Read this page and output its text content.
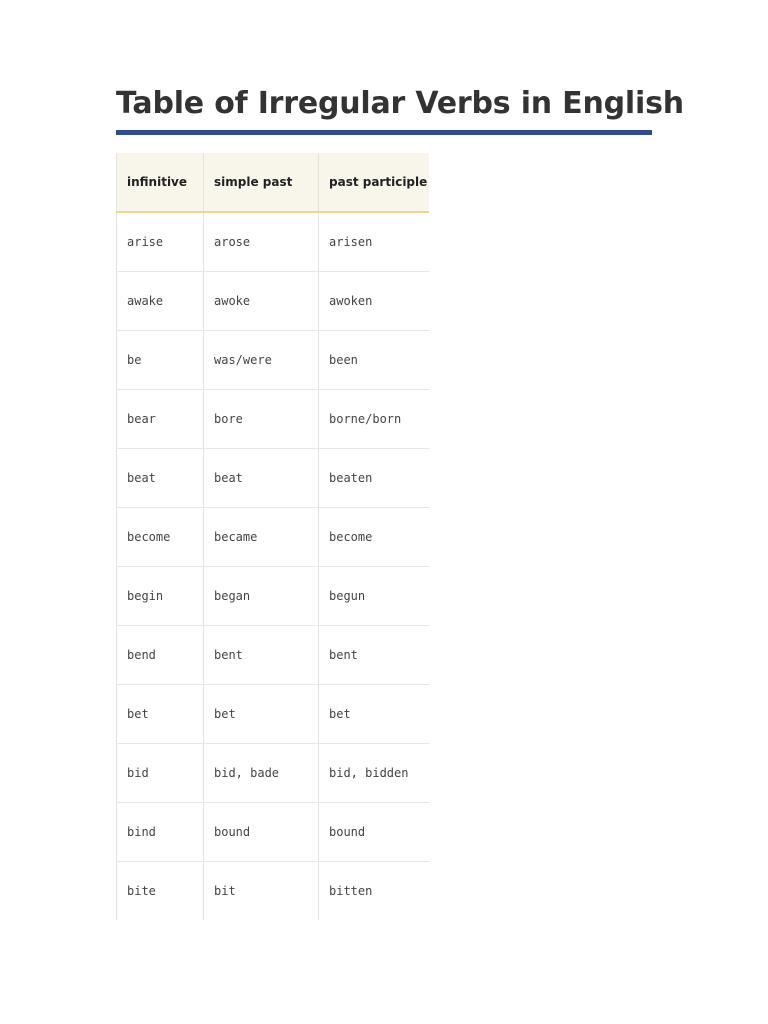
Table of Irregular Verbs in English
infinitive	simple past	past participle
arise	arose	arisen
awake	awoke	awoken
be	was/were	been
bear	bore	borne/born
beat	beat	beaten
become	became	become
begin	began	begun
bend	bent	bent
bet	bet	bet
bid	bid, bade	bid, bidden
bind	bound	bound
bite	bit	bitten
